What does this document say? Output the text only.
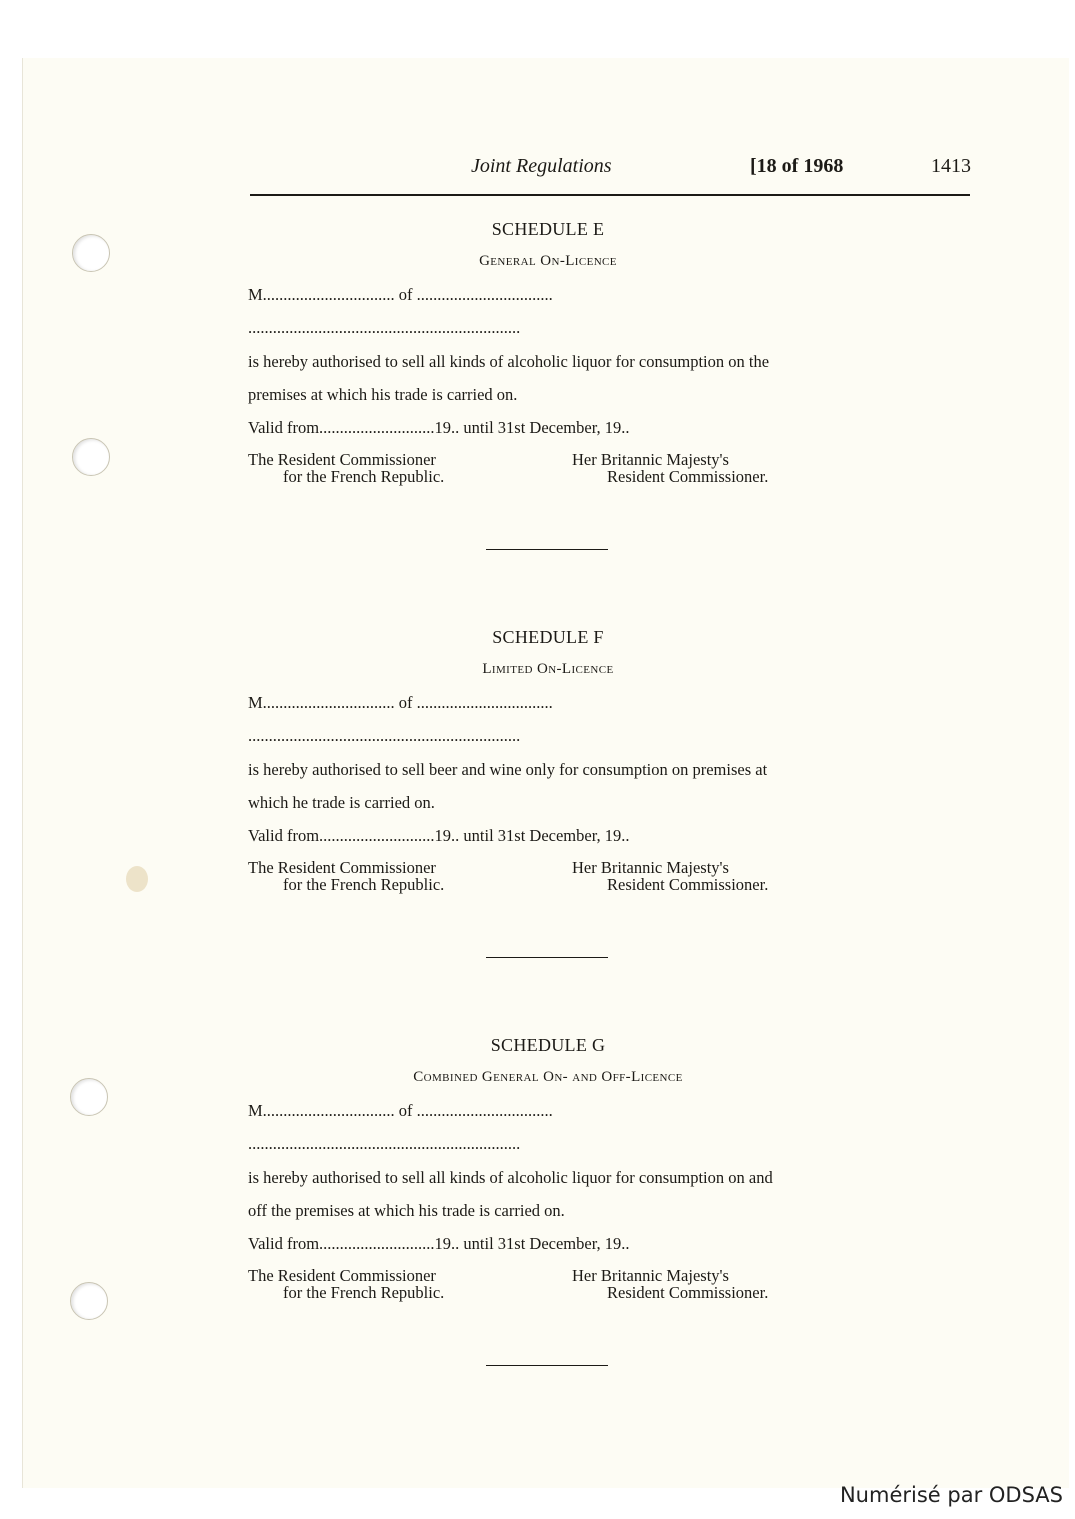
Joint Regulations	[18 of 1968	1413
SCHEDULE E
General On-Licence
M................................ of .................................
..................................................................
is hereby authorised to sell all kinds of alcoholic liquor for consumption on the
premises at which his trade is carried on.
Valid from............................19.. until 31st December, 19..
The Resident Commissioner
for the French Republic.
Her Britannic Majesty's
Resident Commissioner.
SCHEDULE F
Limited On-Licence
M................................ of .................................
..................................................................
is hereby authorised to sell beer and wine only for consumption on premises at
which he trade is carried on.
Valid from............................19.. until 31st December, 19..
The Resident Commissioner
for the French Republic.
Her Britannic Majesty's
Resident Commissioner.
SCHEDULE G
Combined General On- and Off-Licence
M................................ of .................................
..................................................................
is hereby authorised to sell all kinds of alcoholic liquor for consumption on and
off the premises at which his trade is carried on.
Valid from............................19.. until 31st December, 19..
The Resident Commissioner
for the French Republic.
Her Britannic Majesty's
Resident Commissioner.
Numérisé par ODSAS
